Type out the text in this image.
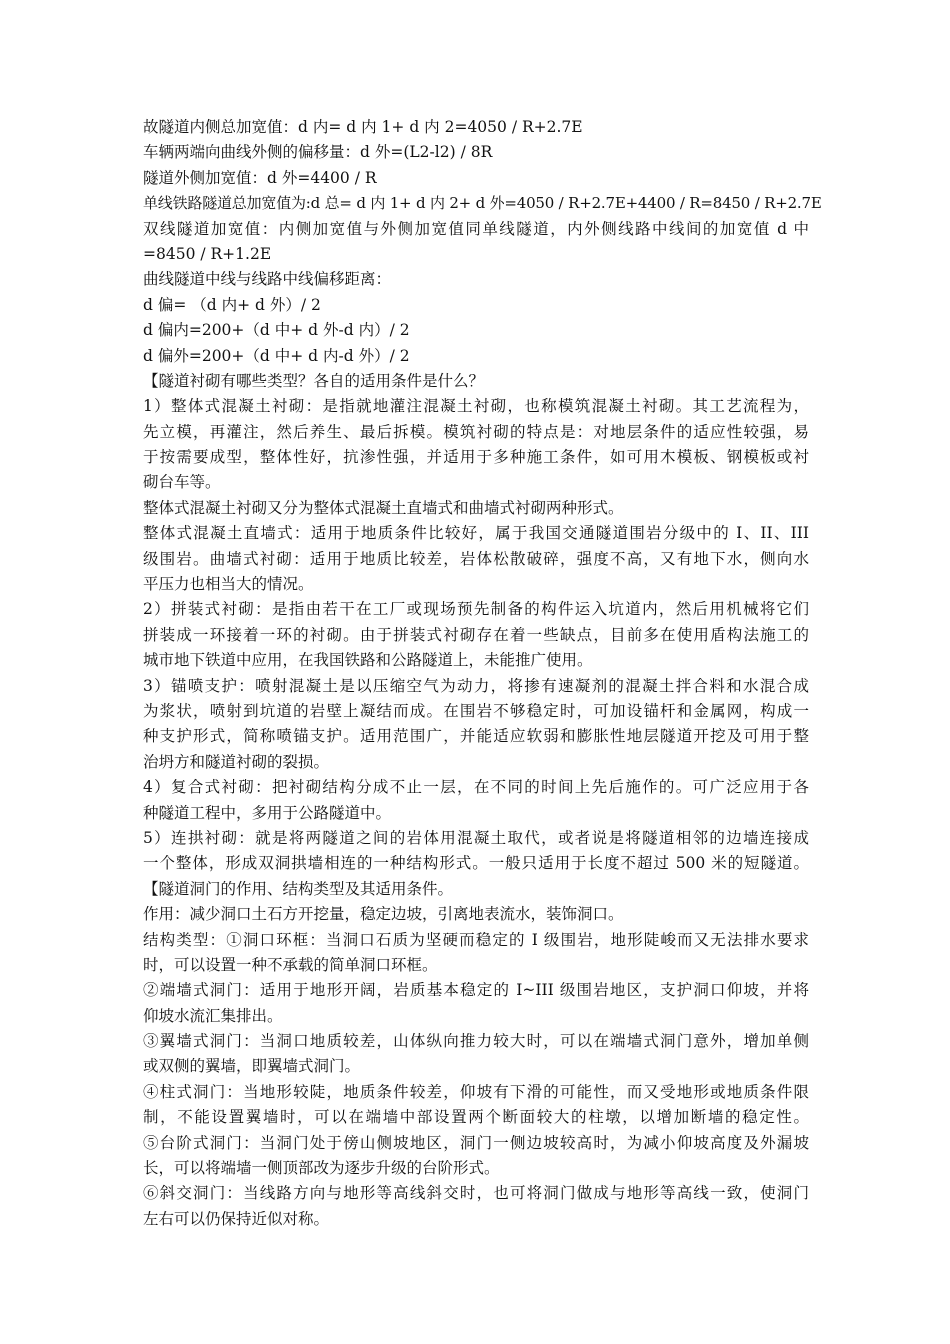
故隧道内侧总加宽值：d 内= d 内 1+ d 内 2=4050 / R+2.7E
车辆两端向曲线外侧的偏移量：d 外=(L2-l2) / 8R
隧道外侧加宽值：d 外=4400 / R
单线铁路隧道总加宽值为:d 总= d 内 1+ d 内 2+ d 外=4050 / R+2.7E+4400 / R=8450 / R+2.7E
双线隧道加宽值：内侧加宽值与外侧加宽值同单线隧道，内外侧线路中线间的加宽值 d 中
=8450 / R+1.2E
曲线隧道中线与线路中线偏移距离：
d 偏= （d 内+ d 外）/ 2
d 偏内=200+（d 中+ d 外-d 内）/ 2
d 偏外=200+（d 中+ d 内-d 外）/ 2
【隧道衬砌有哪些类型？各自的适用条件是什么？
1）整体式混凝土衬砌：是指就地灌注混凝土衬砌，也称模筑混凝土衬砌。其工艺流程为，
先立模，再灌注，然后养生、最后拆模。模筑衬砌的特点是：对地层条件的适应性较强，易
于按需要成型，整体性好，抗渗性强，并适用于多种施工条件，如可用木模板、钢模板或衬
砌台车等。
整体式混凝土衬砌又分为整体式混凝土直墙式和曲墙式衬砌两种形式。
整体式混凝土直墙式：适用于地质条件比较好，属于我国交通隧道围岩分级中的 I、II、III
级围岩。曲墙式衬砌：适用于地质比较差，岩体松散破碎，强度不高，又有地下水，侧向水
平压力也相当大的情况。
2）拼装式衬砌：是指由若干在工厂或现场预先制备的构件运入坑道内，然后用机械将它们
拼装成一环接着一环的衬砌。由于拼装式衬砌存在着一些缺点，目前多在使用盾构法施工的
城市地下铁道中应用，在我国铁路和公路隧道上，未能推广使用。
3）锚喷支护：喷射混凝土是以压缩空气为动力，将掺有速凝剂的混凝土拌合料和水混合成
为浆状，喷射到坑道的岩壁上凝结而成。在围岩不够稳定时，可加设锚杆和金属网，构成一
种支护形式，简称喷锚支护。适用范围广，并能适应软弱和膨胀性地层隧道开挖及可用于整
治坍方和隧道衬砌的裂损。
4）复合式衬砌：把衬砌结构分成不止一层，在不同的时间上先后施作的。可广泛应用于各
种隧道工程中，多用于公路隧道中。
5）连拱衬砌：就是将两隧道之间的岩体用混凝土取代，或者说是将隧道相邻的边墙连接成
一个整体，形成双洞拱墙相连的一种结构形式。一般只适用于长度不超过 500 米的短隧道。
【隧道洞门的作用、结构类型及其适用条件。
作用：减少洞口土石方开挖量，稳定边坡，引离地表流水，装饰洞口。
结构类型：①洞口环框：当洞口石质为坚硬而稳定的 I 级围岩，地形陡峻而又无法排水要求
时，可以设置一种不承载的简单洞口环框。
②端墙式洞门：适用于地形开阔，岩质基本稳定的 I~III 级围岩地区，支护洞口仰坡，并将
仰坡水流汇集排出。
③翼墙式洞门：当洞口地质较差，山体纵向推力较大时，可以在端墙式洞门意外，增加单侧
或双侧的翼墙，即翼墙式洞门。
④柱式洞门：当地形较陡，地质条件较差，仰坡有下滑的可能性，而又受地形或地质条件限
制，不能设置翼墙时，可以在端墙中部设置两个断面较大的柱墩，以增加断墙的稳定性。
⑤台阶式洞门：当洞门处于傍山侧坡地区，洞门一侧边坡较高时，为减小仰坡高度及外漏坡
长，可以将端墙一侧顶部改为逐步升级的台阶形式。
⑥斜交洞门：当线路方向与地形等高线斜交时，也可将洞门做成与地形等高线一致，使洞门
左右可以仍保持近似对称。
